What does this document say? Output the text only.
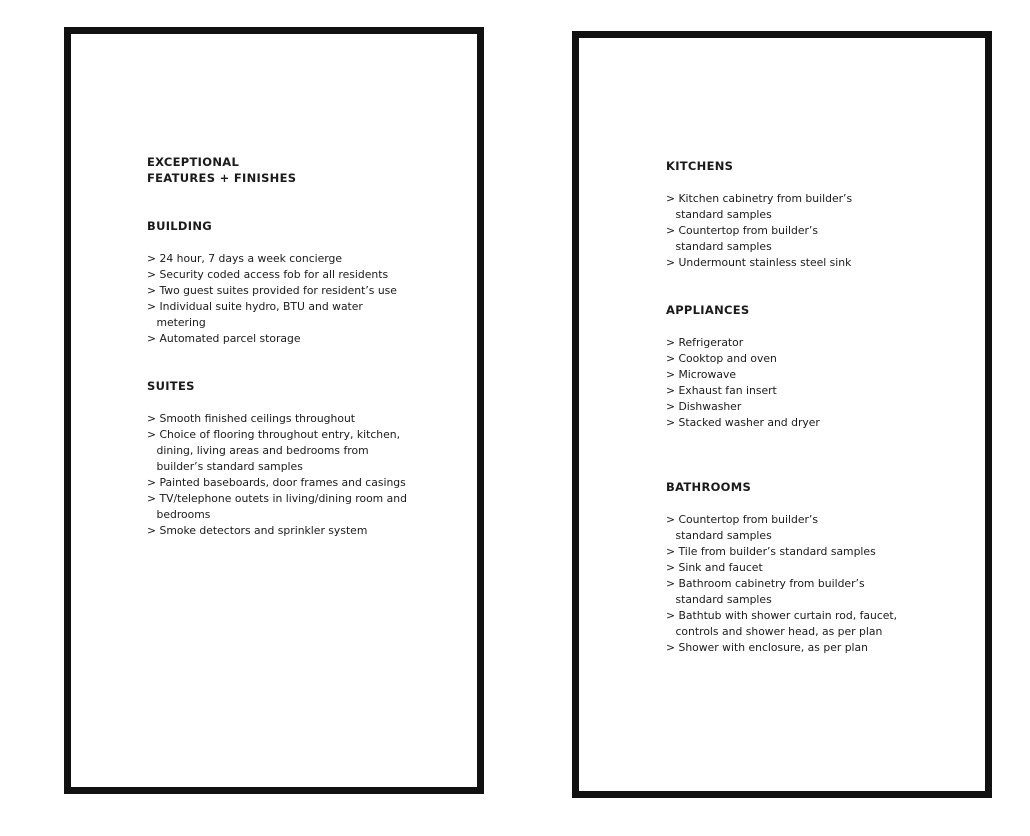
EXCEPTIONAL
FEATURES + FINISHES
BUILDING
> 24 hour, 7 days a week concierge
> Security coded access fob for all residents
> Two guest suites provided for resident’s use
> Individual suite hydro, BTU and water
metering
> Automated parcel storage
SUITES
> Smooth finished ceilings throughout
> Choice of flooring throughout entry, kitchen,
dining, living areas and bedrooms from
builder’s standard samples
> Painted baseboards, door frames and casings
> TV/telephone outets in living/dining room and
bedrooms
> Smoke detectors and sprinkler system
KITCHENS
> Kitchen cabinetry from builder’s
standard samples
> Countertop from builder’s
standard samples
> Undermount stainless steel sink
APPLIANCES
> Refrigerator
> Cooktop and oven
> Microwave
> Exhaust fan insert
> Dishwasher
> Stacked washer and dryer
BATHROOMS
> Countertop from builder’s
standard samples
> Tile from builder’s standard samples
> Sink and faucet
> Bathroom cabinetry from builder’s
standard samples
> Bathtub with shower curtain rod, faucet,
controls and shower head, as per plan
> Shower with enclosure, as per plan
